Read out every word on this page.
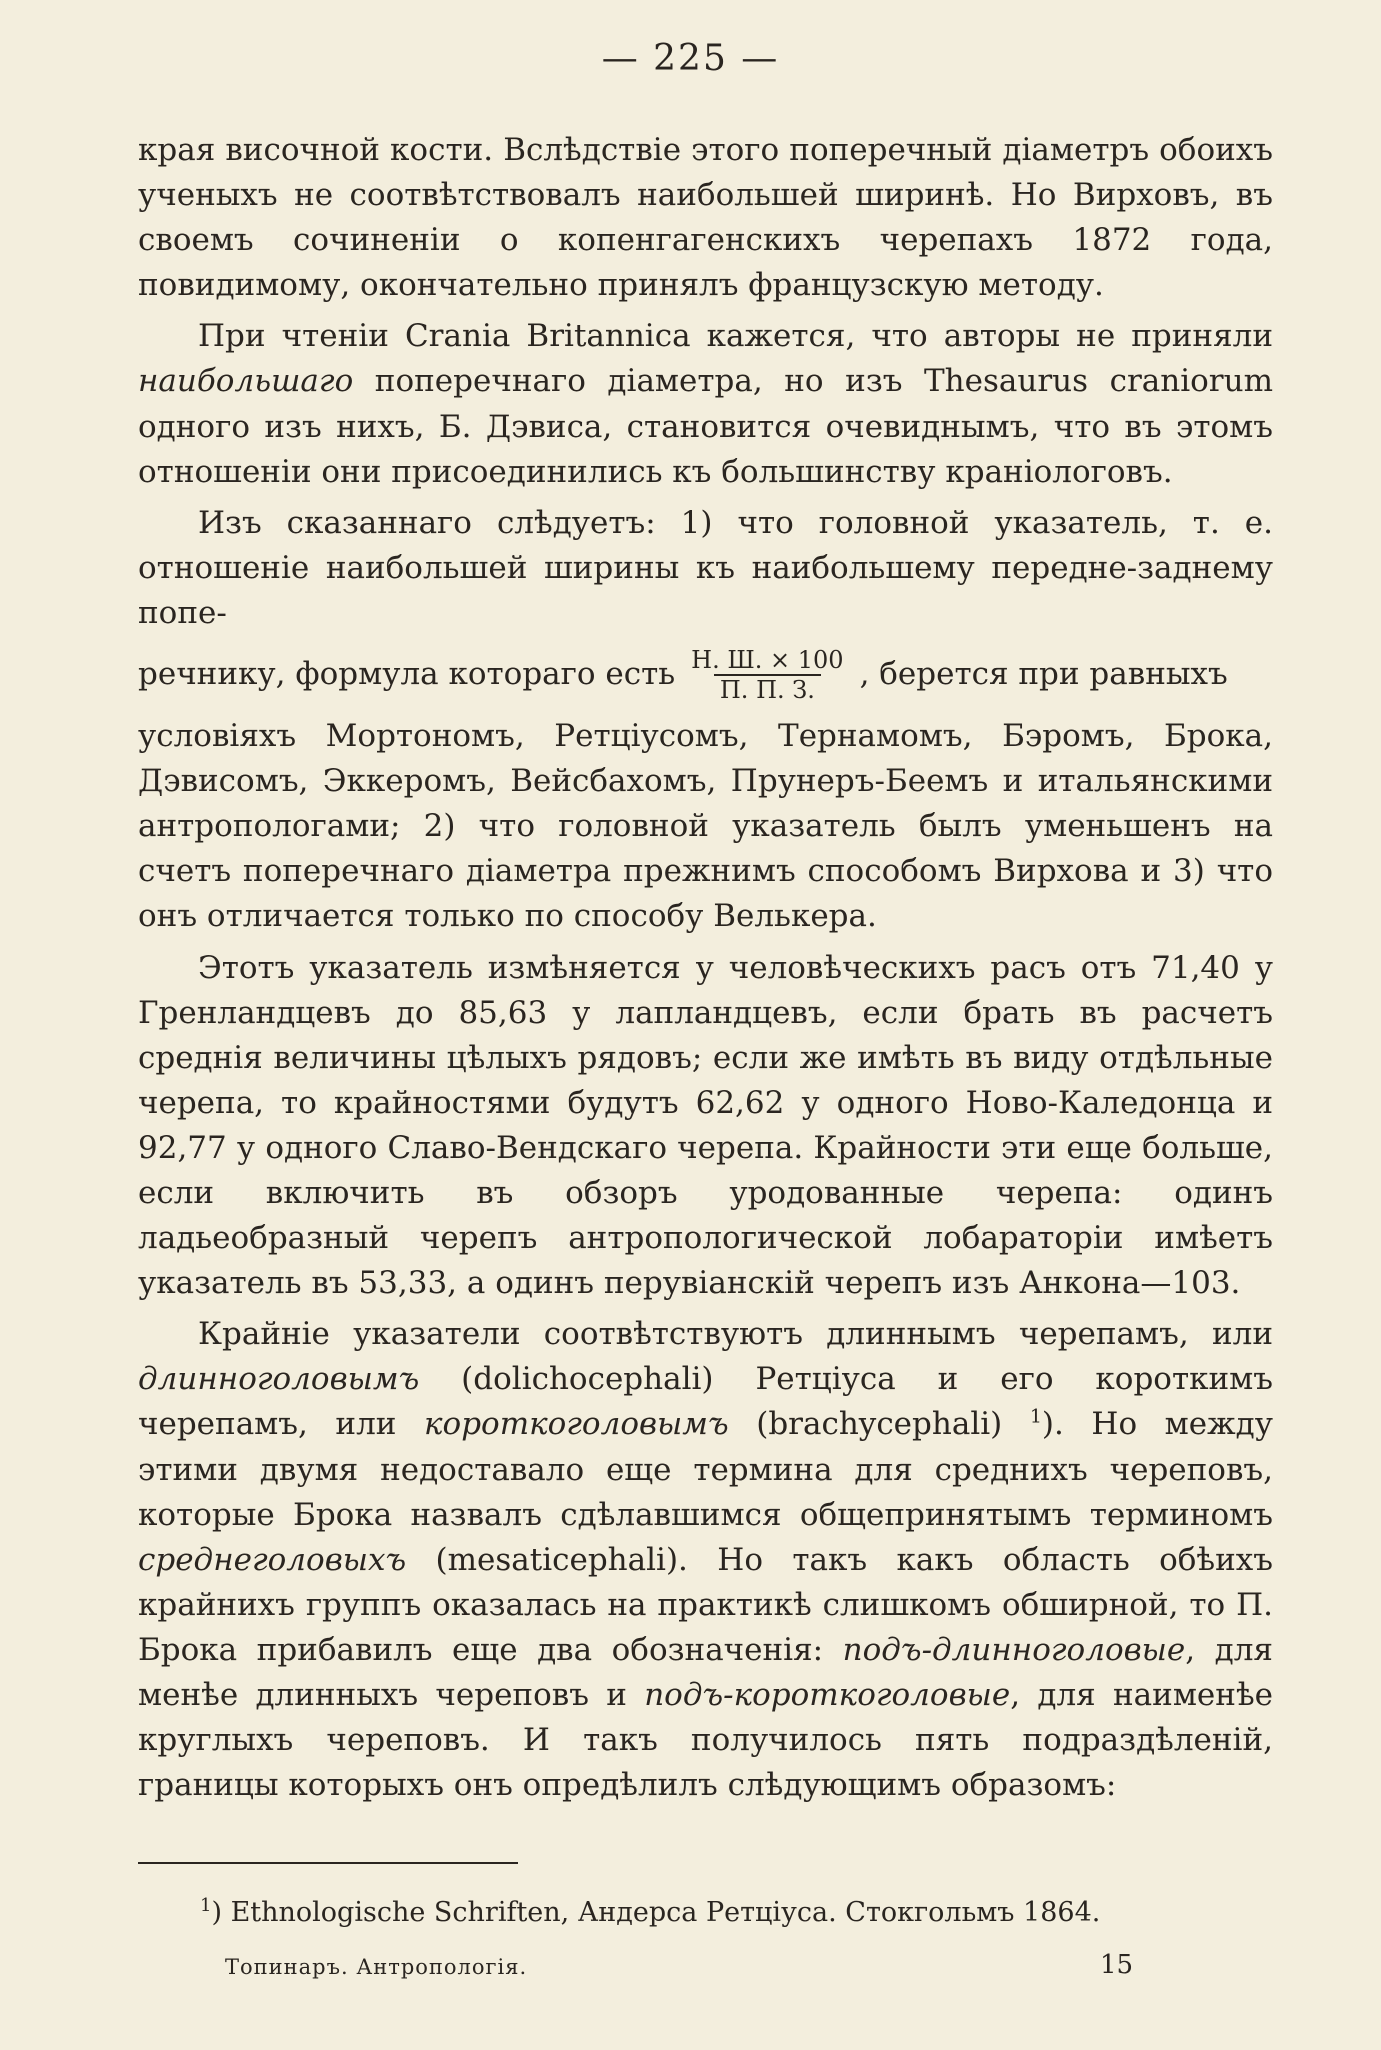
— 225 —

края височной кости. Вслѣдствіе этого поперечный діаметръ обоихъ ученыхъ не соотвѣтствовалъ наибольшей ширинѣ. Но Вирховъ, въ своемъ сочиненіи о копенгагенскихъ черепахъ 1872 года, повидимому, окончательно принялъ французскую методу.

При чтеніи Crania Britannica кажется, что авторы не приняли наибольшаго поперечнаго діаметра, но изъ Thesaurus craniorum одного изъ нихъ, Б. Дэвиса, становится очевиднымъ, что въ этомъ отношеніи они присоединились къ большинству краніологовъ.

Изъ сказаннаго слѣдуетъ: 1) что головной указатель, т. е. отношеніе наибольшей ширины къ наибольшему передне-заднему попе-

речнику, формула котораго есть $\frac{Н. Ш. \times 100}{П. П. З.}$ , берется при равныхъ

условіяхъ Мортономъ, Ретціусомъ, Тернамомъ, Бэромъ, Брока, Дэвисомъ, Эккеромъ, Вейсбахомъ, Прунеръ-Беемъ и итальянскими антропологами; 2) что головной указатель былъ уменьшенъ на счетъ поперечнаго діаметра прежнимъ способомъ Вирхова и 3) что онъ отличается только по способу Велькера.

Этотъ указатель измѣняется у человѣческихъ расъ отъ 71,40 у Гренландцевъ до 85,63 у лапландцевъ, если брать въ расчетъ среднія величины цѣлыхъ рядовъ; если же имѣть въ виду отдѣльные черепа, то крайностями будутъ 62,62 у одного Ново-Каледонца и 92,77 у одного Славо-Вендскаго черепа. Крайности эти еще больше, если включить въ обзоръ уродованные черепа: одинъ ладьеобразный черепъ антропологической лобараторіи имѣетъ указатель въ 53,33, а одинъ перувіанскій черепъ изъ Анкона—103.

Крайніе указатели соотвѣтствуютъ длиннымъ черепамъ, или длинноголовымъ (dolichocephali) Ретціуса и его короткимъ черепамъ, или короткоголовымъ (brachycephali) $^1$). Но между этими двумя недоставало еще термина для среднихъ череповъ, которые Брока назвалъ сдѣлавшимся общепринятымъ терминомъ среднеголовыхъ (mesaticephali). Но такъ какъ область обѣихъ крайнихъ группъ оказалась на практикѣ слишкомъ обширной, то П. Брока прибавилъ еще два обозначенія: подъ-длинноголовые, для менѣе длинныхъ череповъ и подъ-короткоголовые, для наименѣе круглыхъ череповъ. И такъ получилось пять подраздѣленій, границы которыхъ онъ опредѣлилъ слѣдующимъ образомъ:

$^1$) Ethnologische Schriften, Андерса Ретціуса. Стокгольмъ 1864.
Топинаръ. Антропологія.	15
